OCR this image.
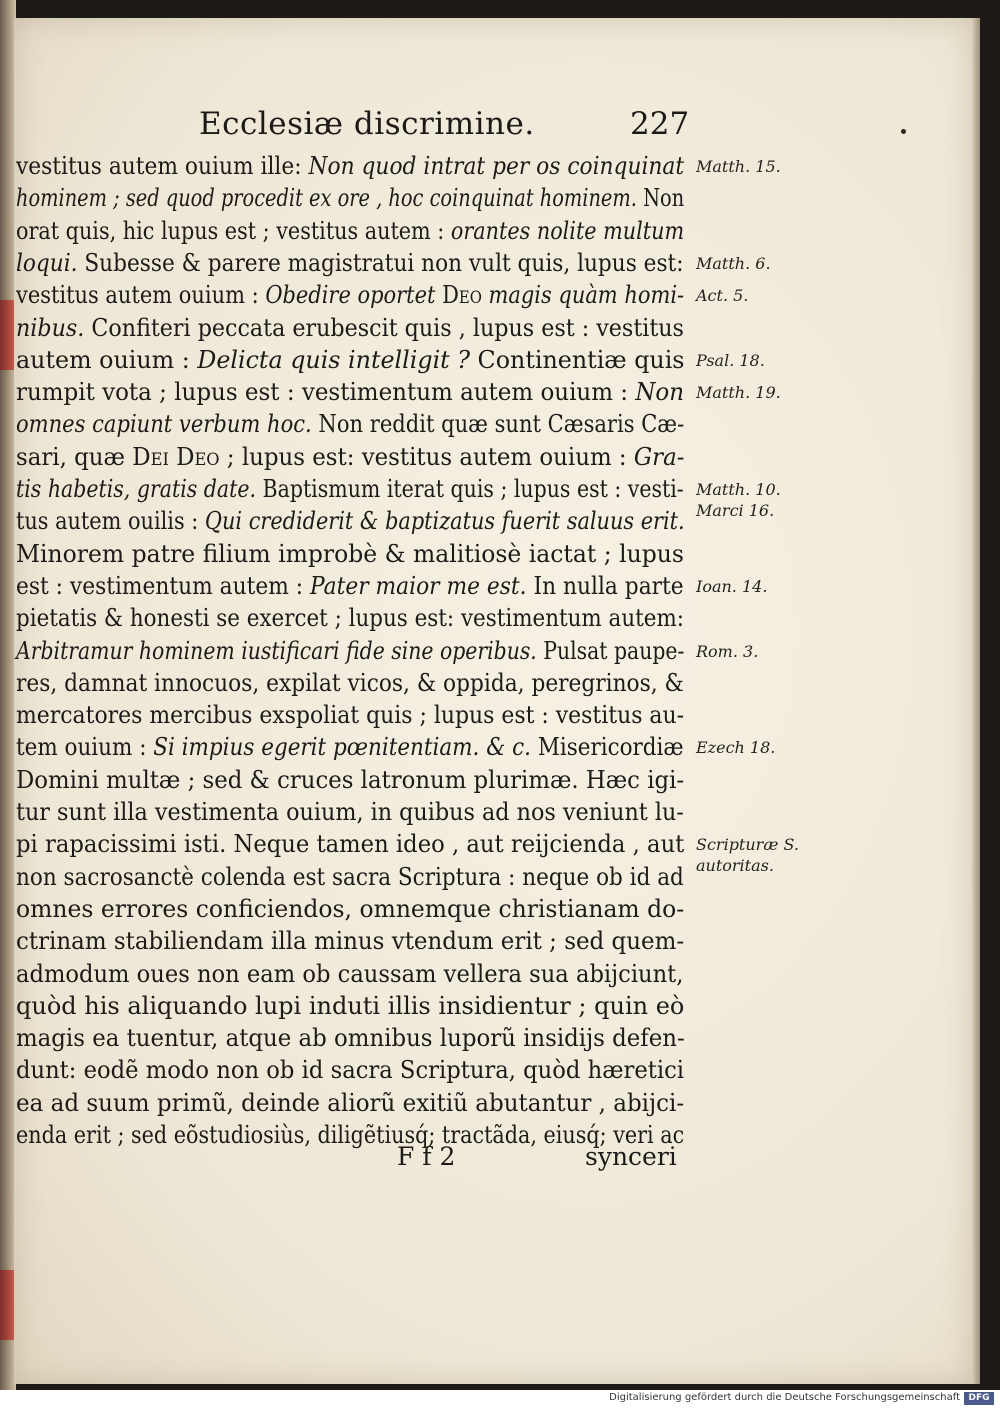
Ecclesiæ discrimine.	227
vestitus autem ouium ille: Non quod intrat per os coinquinat
hominem ; sed quod procedit ex ore , hoc coinquinat hominem. Non
orat quis, hic lupus est ; vestitus autem : orantes nolite multum
loqui. Subesse & parere magistratui non vult quis, lupus est:
vestitus autem ouium : Obedire oportet Deo magis quàm homi-
nibus. Confiteri peccata erubescit quis , lupus est : vestitus
autem ouium : Delicta quis intelligit ? Continentiæ quis
rumpit vota ; lupus est : vestimentum autem ouium : Non
omnes capiunt verbum hoc. Non reddit quæ sunt Cæsaris Cæ-
sari, quæ Dei Deo ; lupus est: vestitus autem ouium : Gra-
tis habetis, gratis date. Baptismum iterat quis ; lupus est : vesti-
tus autem ouilis : Qui crediderit & baptizatus fuerit saluus erit.
Minorem patre filium improbè & malitiosè iactat ; lupus
est : vestimentum autem : Pater maior me est. In nulla parte
pietatis & honesti se exercet ; lupus est: vestimentum autem:
Arbitramur hominem iustificari fide sine operibus. Pulsat paupe-
res, damnat innocuos, expilat vicos, & oppida, peregrinos, &
mercatores mercibus exspoliat quis ; lupus est : vestitus au-
tem ouium : Si impius egerit pœnitentiam. & c. Misericordiæ
Domini multæ ; sed & cruces latronum plurimæ. Hæc igi-
tur sunt illa vestimenta ouium, in quibus ad nos veniunt lu-
pi rapacissimi isti. Neque tamen ideo , aut reijcienda , aut
non sacrosanctè colenda est sacra Scriptura : neque ob id ad
omnes errores conficiendos, omnemque christianam do-
ctrinam stabiliendam illa minus vtendum erit ; sed quem-
admodum oues non eam ob caussam vellera sua abijciunt,
quòd his aliquando lupi induti illis insidientur ; quin eò
magis ea tuentur, atque ab omnibus luporũ insidijs defen-
dunt: eodẽ modo non ob id sacra Scriptura, quòd hæretici
ea ad suum primũ, deinde aliorũ exitiũ abutantur , abijci-
enda erit ; sed eõstudiosiùs, diligẽtiusq́; tractãda, eiusq́; veri ac
Matth. 15.
Matth. 6.
Act. 5.
Psal. 18.
Matth. 19.
Matth. 10.
Marci 16.
Ioan. 14.
Rom. 3.
Ezech 18.
Scripturæ S.
autoritas.
F f 2	synceri
Digitalisierung gefördert durch die Deutsche Forschungsgemeinschaft DFG
